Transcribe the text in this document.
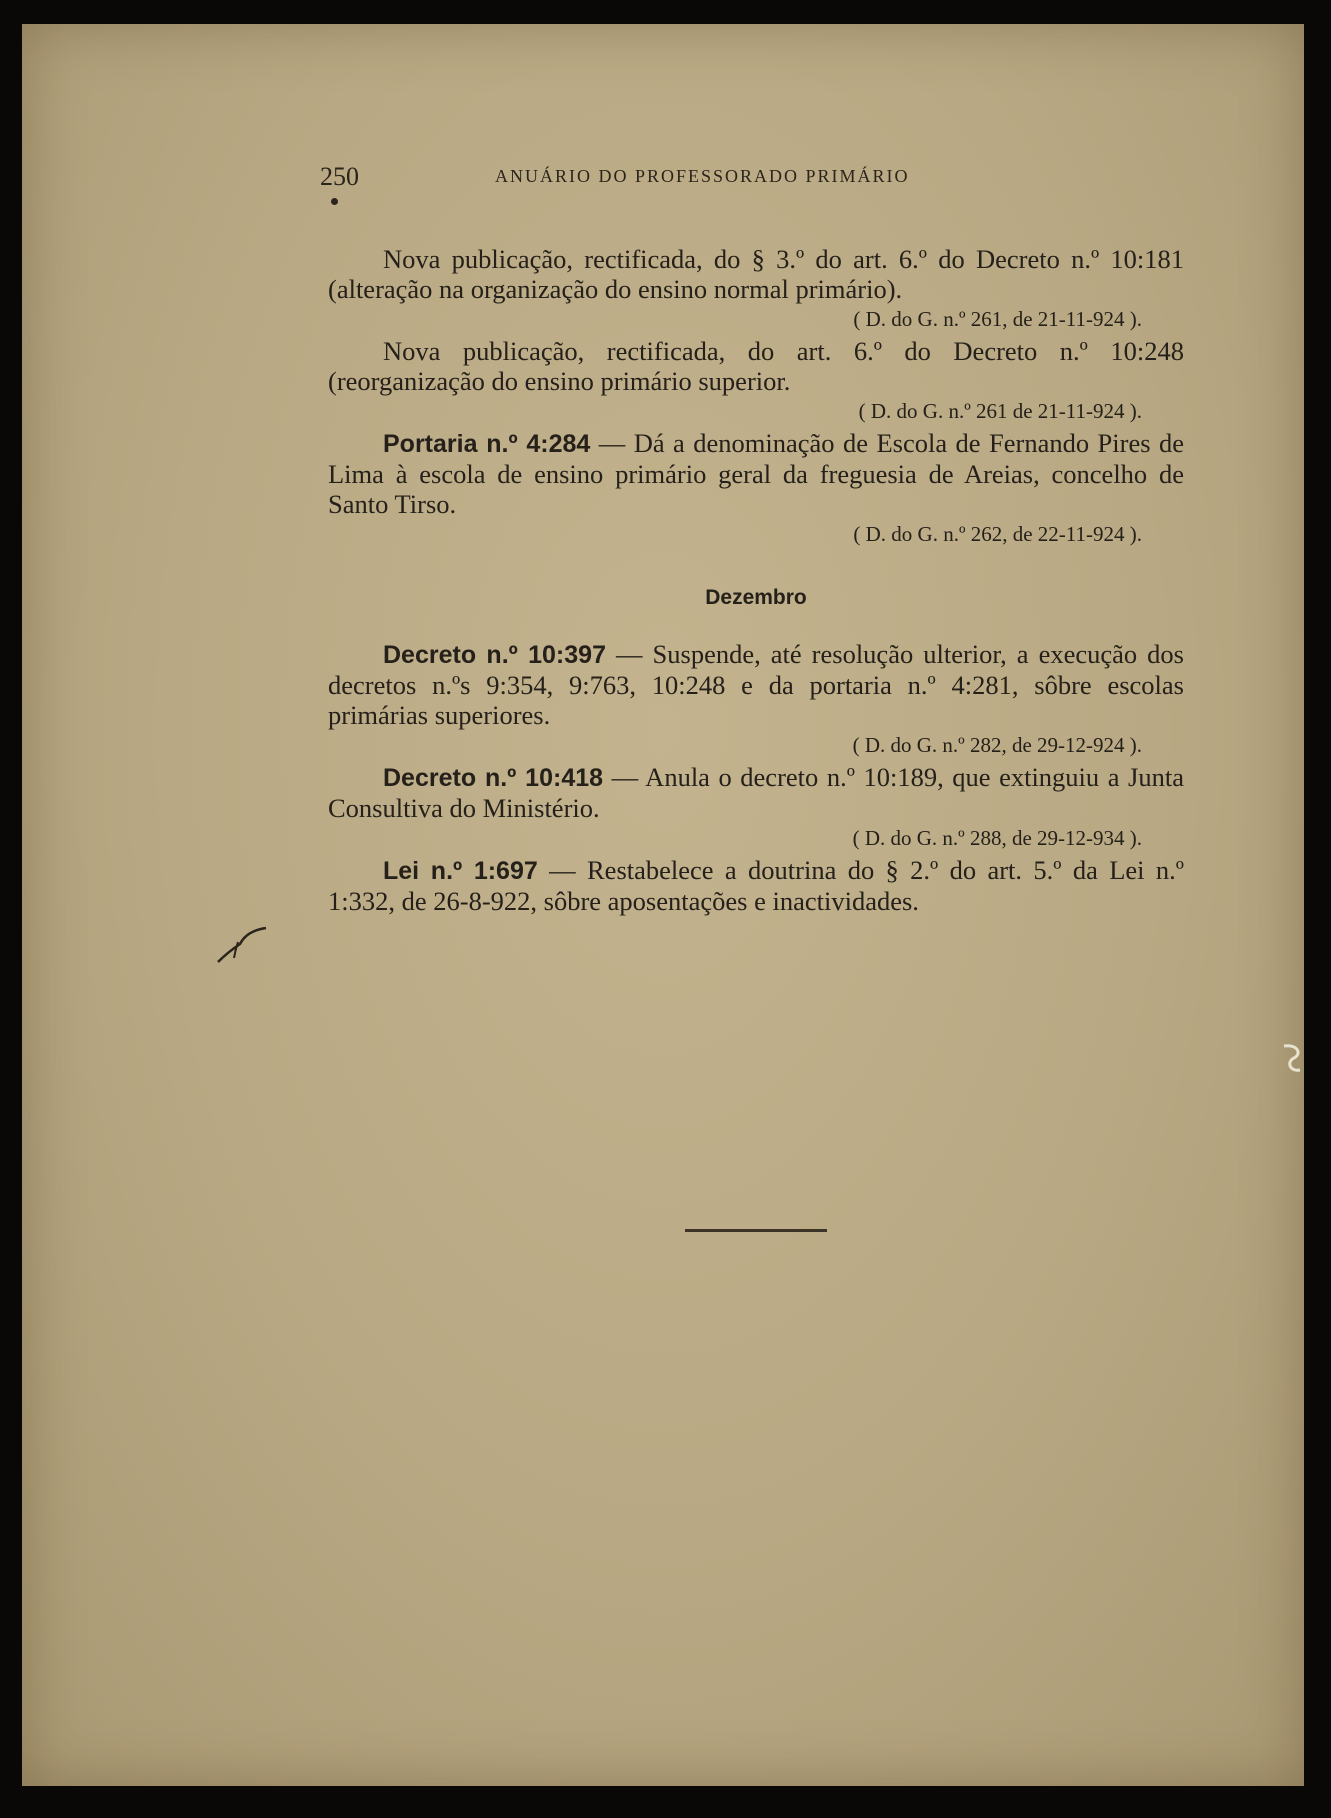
250	ANUÁRIO DO PROFESSORADO PRIMÁRIO

Nova publicação, rectificada, do § 3.º do art. 6.º do Decreto n.º 10:181 (alteração na organização do ensino normal primário).

( D. do G. n.º 261, de 21-11-924 ).

Nova publicação, rectificada, do art. 6.º do Decreto n.º 10:248 (reorganização do ensino primário superior.

( D. do G. n.º 261 de 21-11-924 ).

Portaria n.º 4:284 — Dá a denominação de Escola de Fernando Pires de Lima à escola de ensino primário geral da freguesia de Areias, concelho de Santo Tirso.

( D. do G. n.º 262, de 22-11-924 ).

Dezembro

Decreto n.º 10:397 — Suspende, até resolução ulterior, a execução dos decretos n.ºs 9:354, 9:763, 10:248 e da portaria n.º 4:281, sôbre escolas primárias superiores.

( D. do G. n.º 282, de 29-12-924 ).

Decreto n.º 10:418 — Anula o decreto n.º 10:189, que extinguiu a Junta Consultiva do Ministério.

( D. do G. n.º 288, de 29-12-934 ).

Lei n.º 1:697 — Restabelece a doutrina do § 2.º do art. 5.º da Lei n.º 1:332, de 26-8-922, sôbre aposentações e inactividades.
